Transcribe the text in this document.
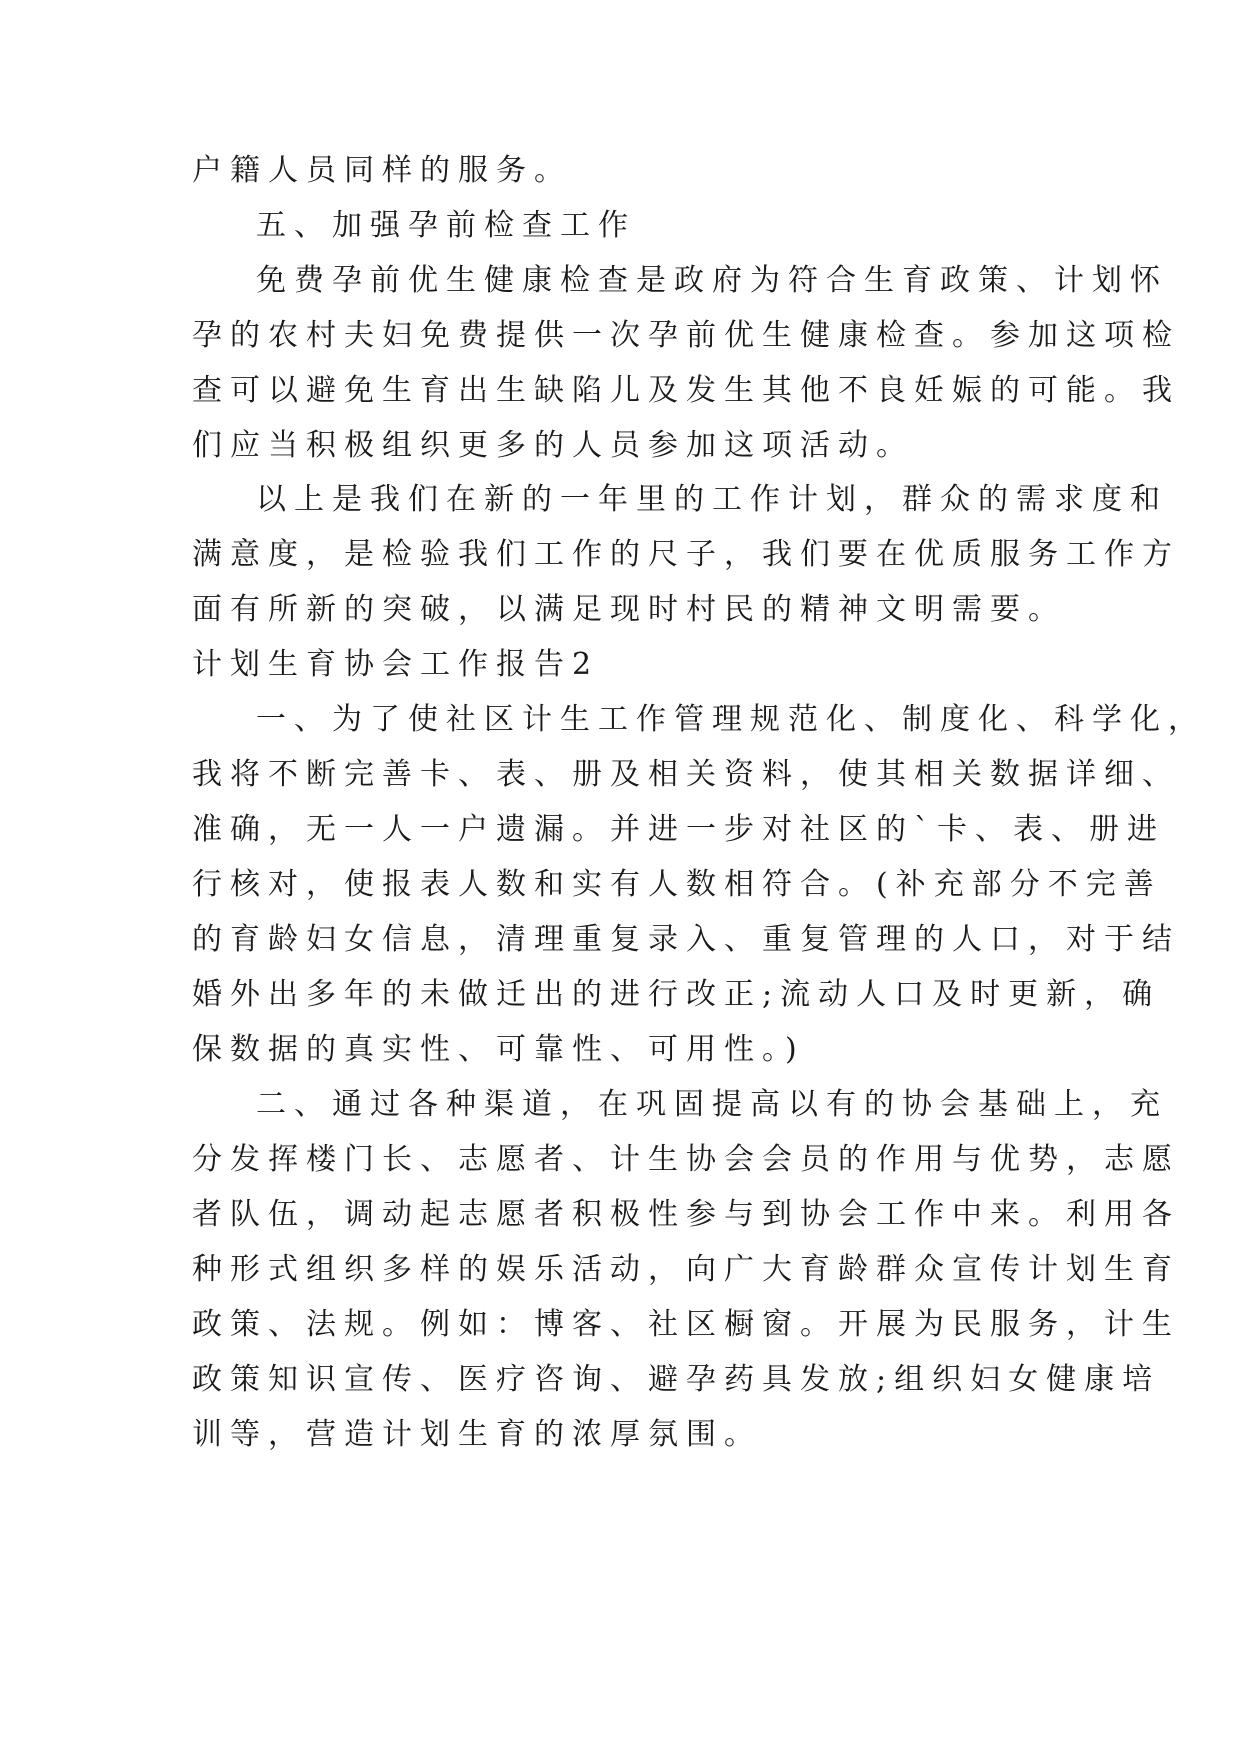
户籍人员同样的服务。
五、加强孕前检查工作
免费孕前优生健康检查是政府为符合生育政策、计划怀
孕的农村夫妇免费提供一次孕前优生健康检查。参加这项检
查可以避免生育出生缺陷儿及发生其他不良妊娠的可能。我
们应当积极组织更多的人员参加这项活动。
以上是我们在新的一年里的工作计划，群众的需求度和
满意度，是检验我们工作的尺子，我们要在优质服务工作方
面有所新的突破，以满足现时村民的精神文明需要。
计划生育协会工作报告2
一、为了使社区计生工作管理规范化、制度化、科学化，
我将不断完善卡、表、册及相关资料，使其相关数据详细、
准确，无一人一户遗漏。并进一步对社区的`卡、表、册进
行核对，使报表人数和实有人数相符合。(补充部分不完善
的育龄妇女信息，清理重复录入、重复管理的人口，对于结
婚外出多年的未做迁出的进行改正;流动人口及时更新，确
保数据的真实性、可靠性、可用性。)
二、通过各种渠道，在巩固提高以有的协会基础上，充
分发挥楼门长、志愿者、计生协会会员的作用与优势，志愿
者队伍，调动起志愿者积极性参与到协会工作中来。利用各
种形式组织多样的娱乐活动，向广大育龄群众宣传计划生育
政策、法规。例如：博客、社区橱窗。开展为民服务，计生
政策知识宣传、医疗咨询、避孕药具发放;组织妇女健康培
训等，营造计划生育的浓厚氛围。
